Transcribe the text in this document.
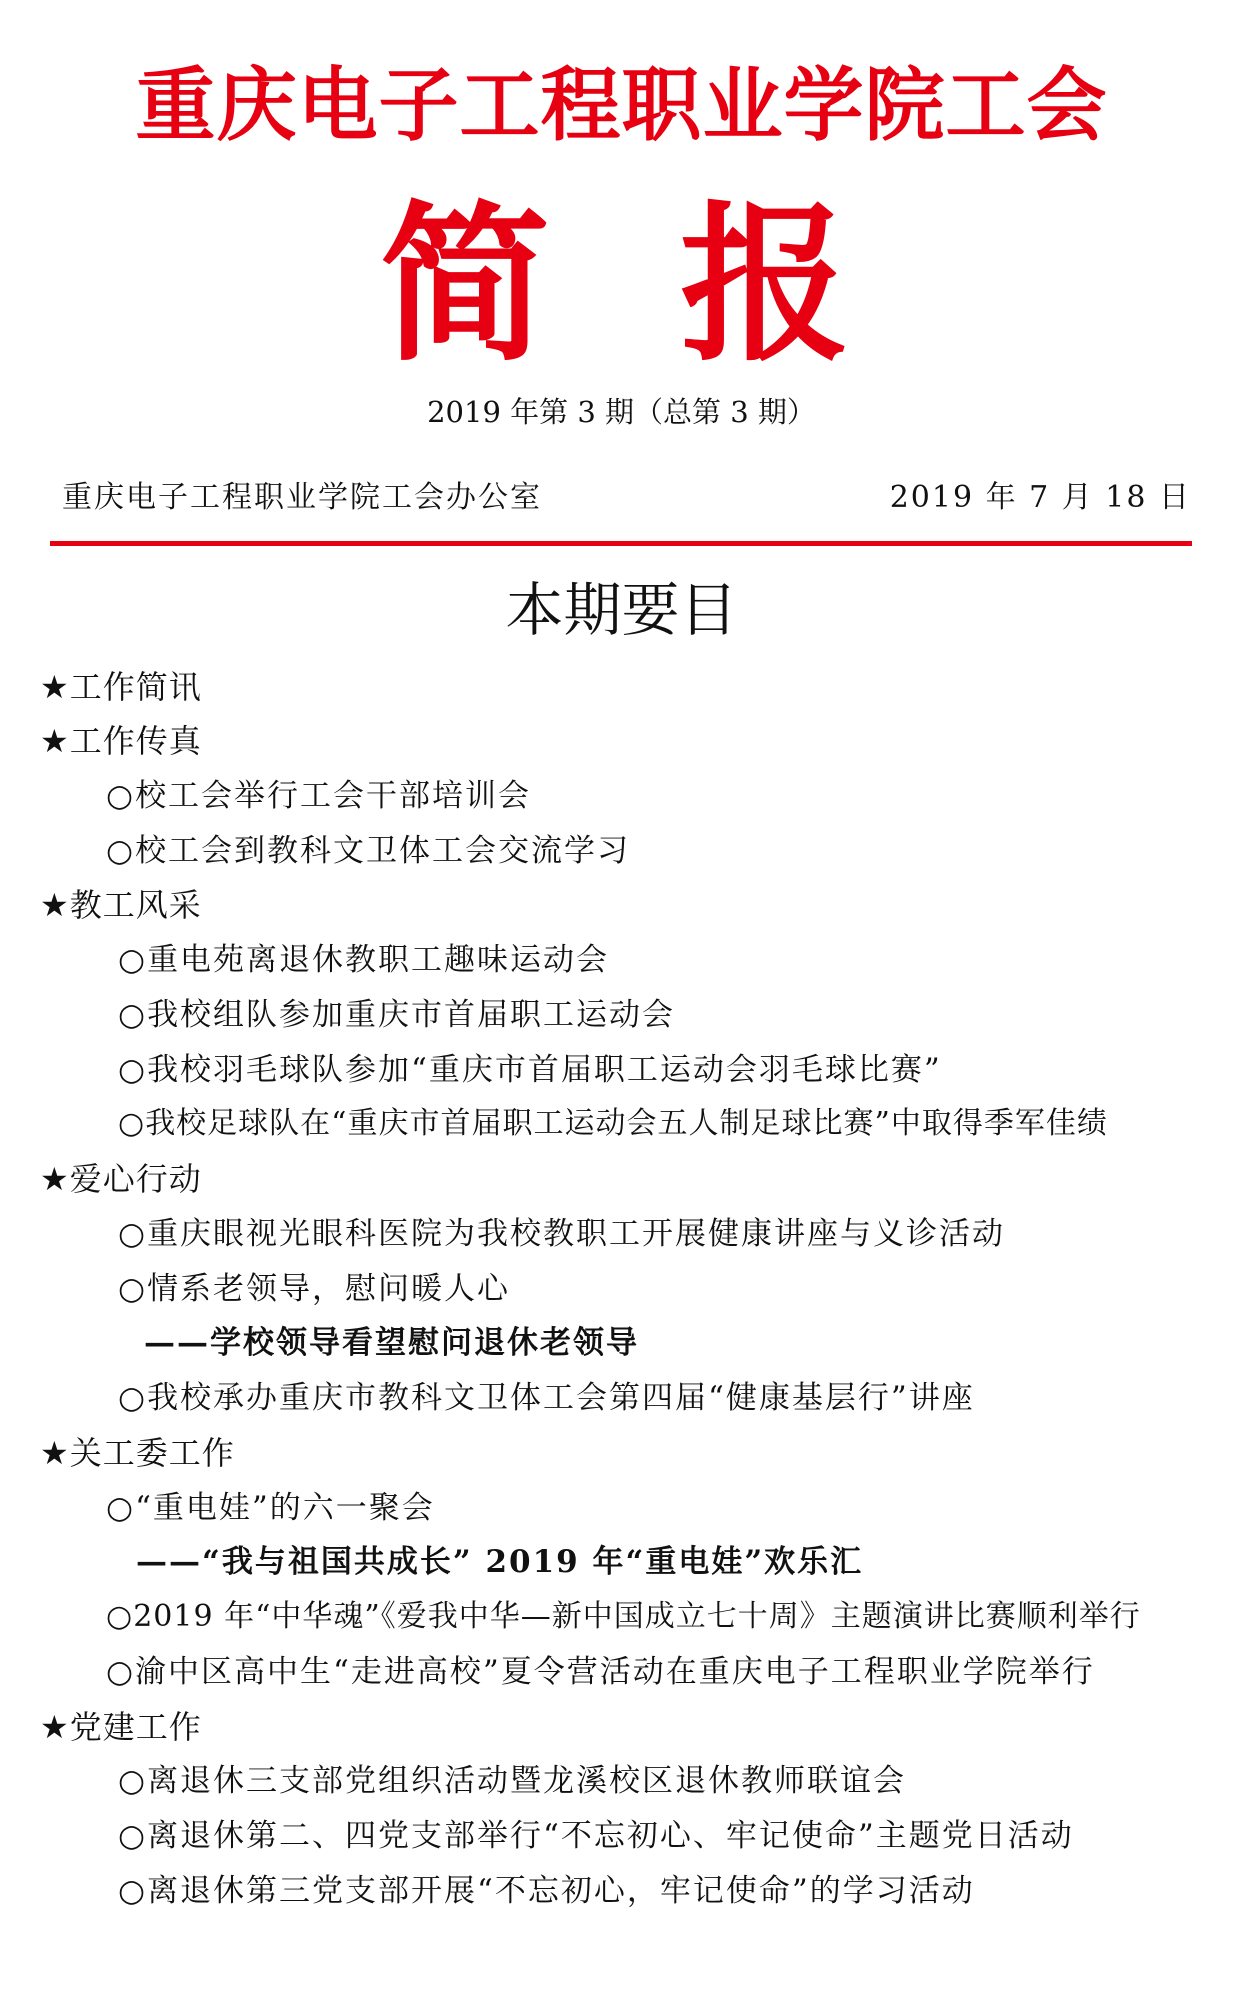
重庆电子工程职业学院工会
简 报
2019 年第 3 期（总第 3 期）
重庆电子工程职业学院工会办公室	2019 年 7 月 18 日
本期要目
★工作简讯
★工作传真
○校工会举行工会干部培训会
○校工会到教科文卫体工会交流学习
★教工风采
○重电苑离退休教职工趣味运动会
○我校组队参加重庆市首届职工运动会
○我校羽毛球队参加“重庆市首届职工运动会羽毛球比赛”
○我校足球队在“重庆市首届职工运动会五人制足球比赛”中取得季军佳绩
★爱心行动
○重庆眼视光眼科医院为我校教职工开展健康讲座与义诊活动
○情系老领导，慰问暖人心
——学校领导看望慰问退休老领导
○我校承办重庆市教科文卫体工会第四届“健康基层行”讲座
★关工委工作
○“重电娃”的六一聚会
——“我与祖国共成长” 2019 年“重电娃”欢乐汇
○2019 年“中华魂”《爱我中华—新中国成立七十周》主题演讲比赛顺利举行
○渝中区高中生“走进高校”夏令营活动在重庆电子工程职业学院举行
★党建工作
○离退休三支部党组织活动暨龙溪校区退休教师联谊会
○离退休第二、四党支部举行“不忘初心、牢记使命”主题党日活动
○离退休第三党支部开展“不忘初心，牢记使命”的学习活动
